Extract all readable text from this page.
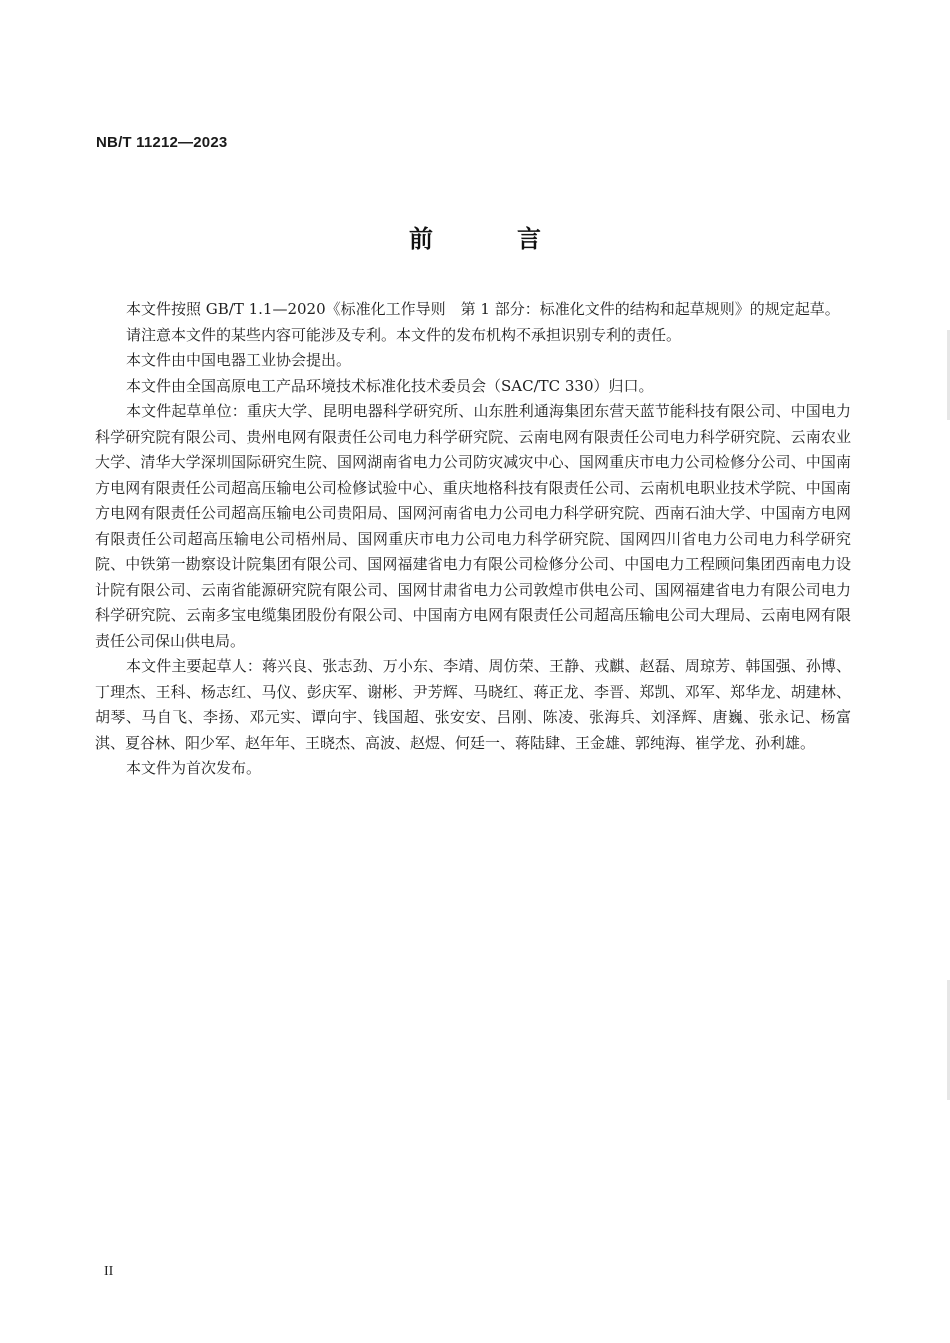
NB/T 11212—2023
前　言

本文件按照 GB/T 1.1—2020《标准化工作导则　第 1 部分：标准化文件的结构和起草规则》的规定起草。

请注意本文件的某些内容可能涉及专利。本文件的发布机构不承担识别专利的责任。

本文件由中国电器工业协会提出。

本文件由全国高原电工产品环境技术标准化技术委员会（SAC/TC 330）归口。

本文件起草单位：重庆大学、昆明电器科学研究所、山东胜利通海集团东营天蓝节能科技有限公司、中国电力科学研究院有限公司、贵州电网有限责任公司电力科学研究院、云南电网有限责任公司电力科学研究院、云南农业大学、清华大学深圳国际研究生院、国网湖南省电力公司防灾减灾中心、国网重庆市电力公司检修分公司、中国南方电网有限责任公司超高压输电公司检修试验中心、重庆地格科技有限责任公司、云南机电职业技术学院、中国南方电网有限责任公司超高压输电公司贵阳局、国网河南省电力公司电力科学研究院、西南石油大学、中国南方电网有限责任公司超高压输电公司梧州局、国网重庆市电力公司电力科学研究院、国网四川省电力公司电力科学研究院、中铁第一勘察设计院集团有限公司、国网福建省电力有限公司检修分公司、中国电力工程顾问集团西南电力设计院有限公司、云南省能源研究院有限公司、国网甘肃省电力公司敦煌市供电公司、国网福建省电力有限公司电力科学研究院、云南多宝电缆集团股份有限公司、中国南方电网有限责任公司超高压输电公司大理局、云南电网有限责任公司保山供电局。

本文件主要起草人：蒋兴良、张志劲、万小东、李靖、周仿荣、王静、戎麒、赵磊、周琼芳、韩国强、孙博、丁理杰、王科、杨志红、马仪、彭庆军、谢彬、尹芳辉、马晓红、蒋正龙、李晋、郑凯、邓军、郑华龙、胡建林、胡琴、马自飞、李扬、邓元实、谭向宇、钱国超、张安安、吕刚、陈凌、张海兵、刘泽辉、唐巍、张永记、杨富淇、夏谷林、阳少军、赵年年、王晓杰、高波、赵煜、何廷一、蒋陆肆、王金雄、郭纯海、崔学龙、孙利雄。

本文件为首次发布。

II
